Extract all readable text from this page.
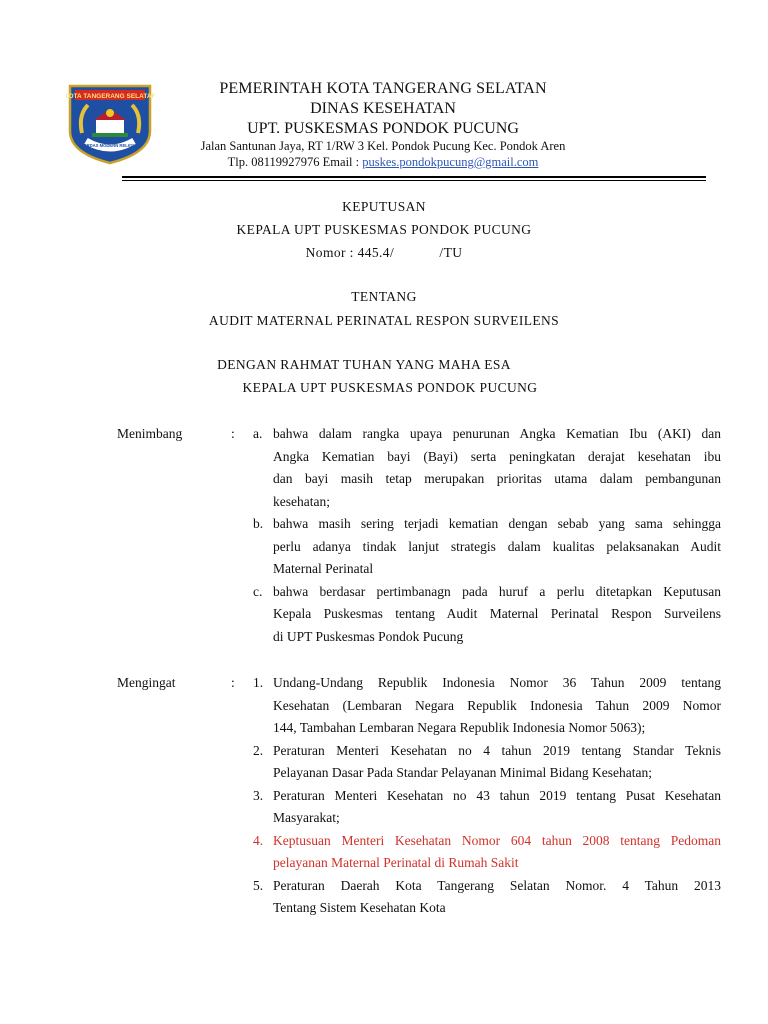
KOTA TANGERANG SELATAN
CERDAS MODERN RELIGIUS
PEMERINTAH KOTA TANGERANG SELATAN
DINAS KESEHATAN
UPT. PUSKESMAS PONDOK PUCUNG
Jalan Santunan Jaya, RT 1/RW 3 Kel. Pondok Pucung Kec. Pondok Aren
Tlp. 08119927976 Email : puskes.pondokpucung@gmail.com
KEPUTUSAN
KEPALA UPT PUSKESMAS PONDOK PUCUNG
Nomor : 445.4/            /TU
TENTANG
AUDIT MATERNAL PERINATAL RESPON SURVEILENS
DENGAN RAHMAT TUHAN YANG MAHA ESA
KEPALA UPT PUSKESMAS PONDOK PUCUNG
Menimbang	: a. bahwa dalam rangka upaya penurunan Angka Kematian Ibu (AKI) dan
Angka Kematian bayi (Bayi) serta peningkatan derajat kesehatan ibu
dan bayi masih tetap merupakan prioritas utama dalam pembangunan
kesehatan;
b. bahwa masih sering terjadi kematian dengan sebab yang sama sehingga
perlu adanya tindak lanjut strategis dalam kualitas pelaksanakan Audit
Maternal Perinatal
c. bahwa berdasar pertimbanagn pada huruf a perlu ditetapkan Keputusan
Kepala Puskesmas tentang Audit Maternal Perinatal Respon Surveilens
di UPT Puskesmas Pondok Pucung
Mengingat	: 1. Undang-Undang Republik Indonesia Nomor 36 Tahun 2009 tentang
Kesehatan (Lembaran Negara Republik Indonesia Tahun 2009 Nomor
144, Tambahan Lembaran Negara Republik Indonesia Nomor 5063);
2. Peraturan Menteri Kesehatan no 4 tahun 2019 tentang Standar Teknis
Pelayanan Dasar Pada Standar Pelayanan Minimal Bidang Kesehatan;
3. Peraturan Menteri Kesehatan no 43 tahun 2019 tentang Pusat Kesehatan
Masyarakat;
4. Keptusuan Menteri Kesehatan Nomor 604 tahun 2008 tentang Pedoman
pelayanan Maternal Perinatal di Rumah Sakit
5. Peraturan Daerah Kota Tangerang Selatan Nomor. 4 Tahun 2013
Tentang Sistem Kesehatan Kota
